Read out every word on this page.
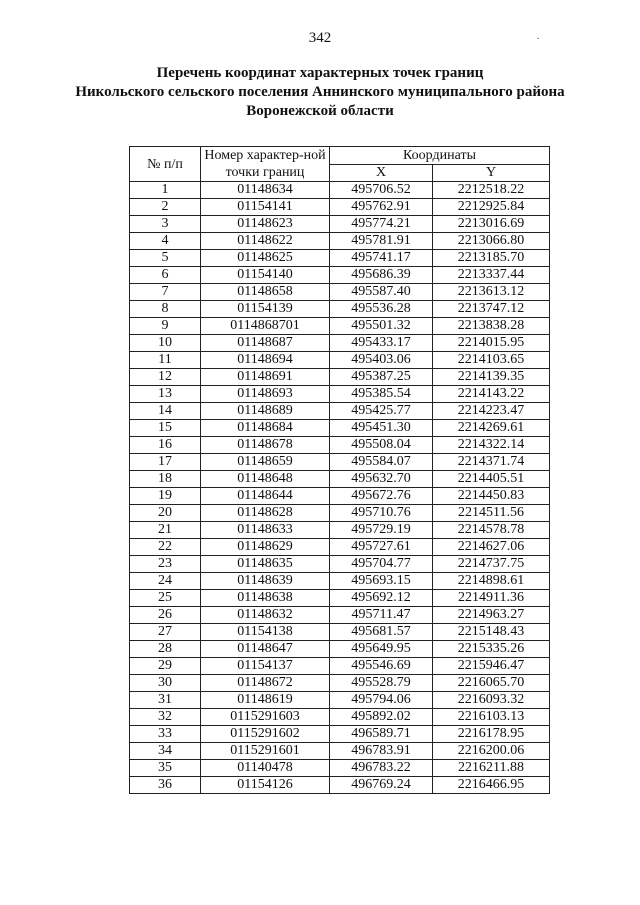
342
Перечень координат характерных точек границ
Никольского сельского поселения Аннинского муниципального района
Воронежской области
№ п/п	Номер характер-ной точки границ	Координаты	
		X	Y
1	01148634	495706.52	2212518.22
2	01154141	495762.91	2212925.84
3	01148623	495774.21	2213016.69
4	01148622	495781.91	2213066.80
5	01148625	495741.17	2213185.70
6	01154140	495686.39	2213337.44
7	01148658	495587.40	2213613.12
8	01154139	495536.28	2213747.12
9	0114868701	495501.32	2213838.28
10	01148687	495433.17	2214015.95
11	01148694	495403.06	2214103.65
12	01148691	495387.25	2214139.35
13	01148693	495385.54	2214143.22
14	01148689	495425.77	2214223.47
15	01148684	495451.30	2214269.61
16	01148678	495508.04	2214322.14
17	01148659	495584.07	2214371.74
18	01148648	495632.70	2214405.51
19	01148644	495672.76	2214450.83
20	01148628	495710.76	2214511.56
21	01148633	495729.19	2214578.78
22	01148629	495727.61	2214627.06
23	01148635	495704.77	2214737.75
24	01148639	495693.15	2214898.61
25	01148638	495692.12	2214911.36
26	01148632	495711.47	2214963.27
27	01154138	495681.57	2215148.43
28	01148647	495649.95	2215335.26
29	01154137	495546.69	2215946.47
30	01148672	495528.79	2216065.70
31	01148619	495794.06	2216093.32
32	0115291603	495892.02	2216103.13
33	0115291602	496589.71	2216178.95
34	0115291601	496783.91	2216200.06
35	01140478	496783.22	2216211.88
36	01154126	496769.24	2216466.95
